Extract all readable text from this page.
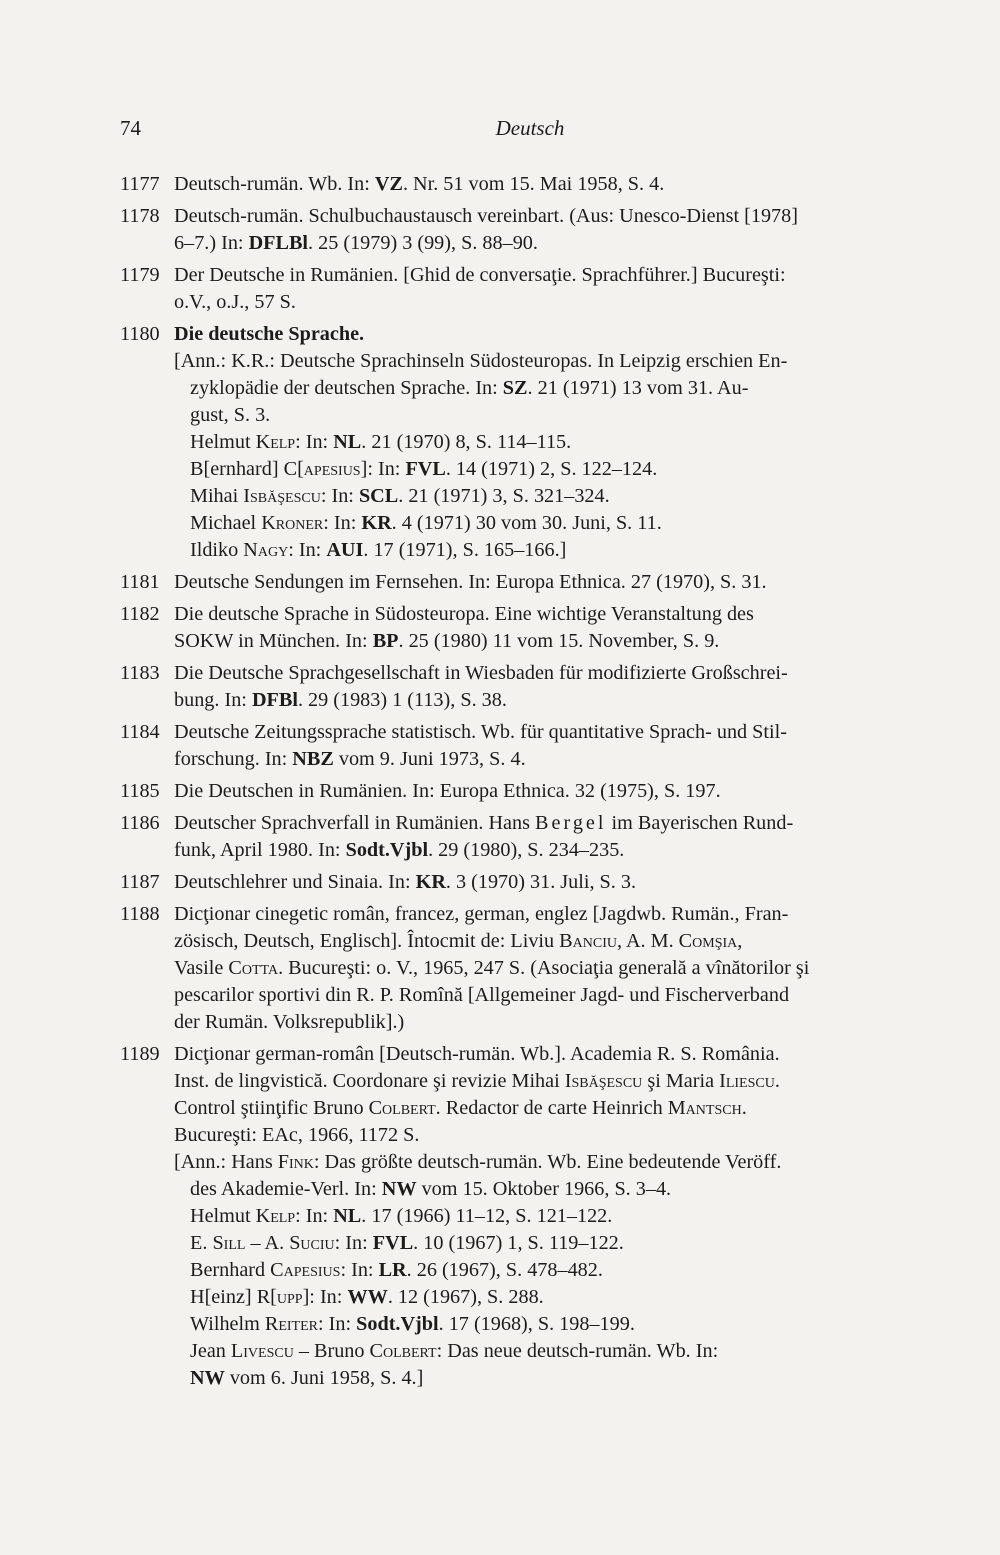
74	Deutsch
1177 Deutsch-rumän. Wb. In: VZ. Nr. 51 vom 15. Mai 1958, S. 4.
1178 Deutsch-rumän. Schulbuchaustausch vereinbart. (Aus: Unesco-Dienst [1978]
6–7.) In: DFLBl. 25 (1979) 3 (99), S. 88–90.
1179 Der Deutsche in Rumänien. [Ghid de conversaţie. Sprachführer.] Bucureşti:
o.V., o.J., 57 S.
1180 Die deutsche Sprache.
[Ann.: K.R.: Deutsche Sprachinseln Südosteuropas. In Leipzig erschien En-
zyklopädie der deutschen Sprache. In: SZ. 21 (1971) 13 vom 31. Au-
gust, S. 3.
Helmut Kelp: In: NL. 21 (1970) 8, S. 114–115.
B[ernhard] C[apesius]: In: FVL. 14 (1971) 2, S. 122–124.
Mihai Isbăşescu: In: SCL. 21 (1971) 3, S. 321–324.
Michael Kroner: In: KR. 4 (1971) 30 vom 30. Juni, S. 11.
Ildiko Nagy: In: AUI. 17 (1971), S. 165–166.]
1181 Deutsche Sendungen im Fernsehen. In: Europa Ethnica. 27 (1970), S. 31.
1182 Die deutsche Sprache in Südosteuropa. Eine wichtige Veranstaltung des
SOKW in München. In: BP. 25 (1980) 11 vom 15. November, S. 9.
1183 Die Deutsche Sprachgesellschaft in Wiesbaden für modifizierte Großschrei-
bung. In: DFBl. 29 (1983) 1 (113), S. 38.
1184 Deutsche Zeitungssprache statistisch. Wb. für quantitative Sprach- und Stil-
forschung. In: NBZ vom 9. Juni 1973, S. 4.
1185 Die Deutschen in Rumänien. In: Europa Ethnica. 32 (1975), S. 197.
1186 Deutscher Sprachverfall in Rumänien. Hans Bergel im Bayerischen Rund-
funk, April 1980. In: Sodt.Vjbl. 29 (1980), S. 234–235.
1187 Deutschlehrer und Sinaia. In: KR. 3 (1970) 31. Juli, S. 3.
1188 Dicţionar cinegetic român, francez, german, englez [Jagdwb. Rumän., Fran-
zösisch, Deutsch, Englisch]. Întocmit de: Liviu Banciu, A. M. Comşia,
Vasile Cotta. Bucureşti: o. V., 1965, 247 S. (Asociaţia generală a vînătorilor şi
pescarilor sportivi din R. P. Romînă [Allgemeiner Jagd- und Fischerverband
der Rumän. Volksrepublik].)
1189 Dicţionar german-român [Deutsch-rumän. Wb.]. Academia R. S. România.
Inst. de lingvistică. Coordonare şi revizie Mihai Isbăşescu şi Maria Iliescu.
Control ştiinţific Bruno Colbert. Redactor de carte Heinrich Mantsch.
Bucureşti: EAc, 1966, 1172 S.
[Ann.: Hans Fink: Das größte deutsch-rumän. Wb. Eine bedeutende Veröff.
des Akademie-Verl. In: NW vom 15. Oktober 1966, S. 3–4.
Helmut Kelp: In: NL. 17 (1966) 11–12, S. 121–122.
E. Sill – A. Suciu: In: FVL. 10 (1967) 1, S. 119–122.
Bernhard Capesius: In: LR. 26 (1967), S. 478–482.
H[einz] R[upp]: In: WW. 12 (1967), S. 288.
Wilhelm Reiter: In: Sodt.Vjbl. 17 (1968), S. 198–199.
Jean Livescu – Bruno Colbert: Das neue deutsch-rumän. Wb. In:
NW vom 6. Juni 1958, S. 4.]
